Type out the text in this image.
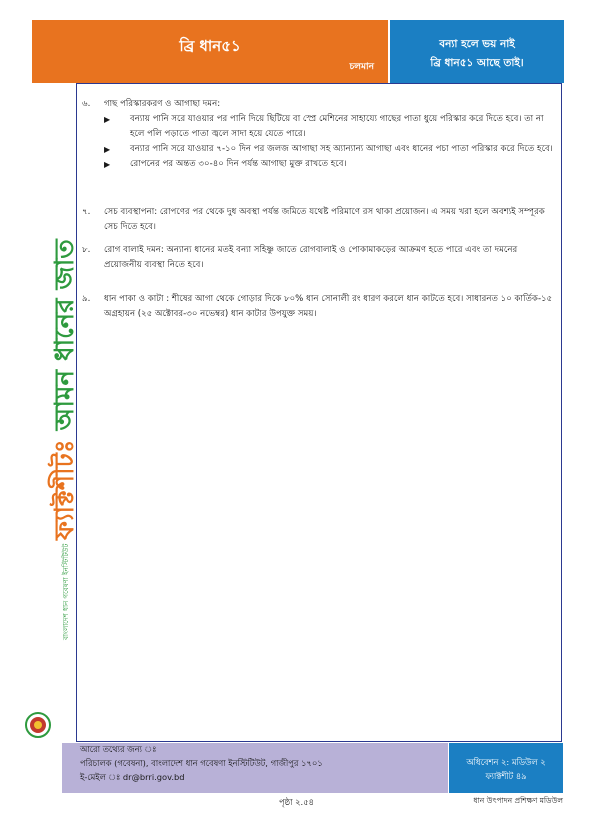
ব্রি ধান৫১
চলমান
বন্যা হলে ভয় নাই
ব্রি ধান৫১ আছে তাই।
ফ্যাক্টশীটঃ আমন ধানের জাত
বাংলাদেশ ধান গবেষণা ইনস্টিটিউট
৬. গাছ পরিস্কারকরণ ও আগাছা দমন:
▶ বন্যায় পানি সরে যাওয়ার পর পানি দিয়ে ছিটিয়ে বা স্প্রে মেশিনের সাহায্যে গাছের পাতা ধুয়ে পরিস্কার করে দিতে হবে। তা না হলে পলি পড়াতে পাতা জ্বলে সাদা হয়ে যেতে পারে।
▶ বন্যার পানি সরে যাওয়ার ৭-১০ দিন পর জলজ আগাছা সহ অ্যান্যান্য আগাছা এবং ধানের পচা পাতা পরিস্কার করে দিতে হবে।
▶ রোপনের পর অন্তত ৩০-৪০ দিন পর্যন্ত আগাছা মুক্ত রাখতে হবে।
৭. সেচ ব্যবস্থাপনা: রোপণের পর থেকে দুধ অবস্থা পর্যন্ত জমিতে যথেষ্ট পরিমাণে রস থাকা প্রয়োজন। এ সময় খরা হলে অবশ্যই সম্পূরক সেচ দিতে হবে।
৮. রোগ বালাই দমন: অন্যান্য ধানের মতই বন্যা সহিষ্ণু জাতে রোগবালাই ও পোকামাকড়ের আক্রমণ হতে পারে এবং তা দমনের প্রয়োজনীয় ব্যবস্থা নিতে হবে।
৯. ধান পাকা ও কাটা : শীষের আগা থেকে গোড়ার দিকে ৮০% ধান সোনালী রং ধারণ করলে ধান কাটতে হবে। সাধারনত ১০ কার্তিক-১৫ অগ্রহায়ন (২৫ অক্টোবর-৩০ নভেম্বর) ধান কাটার উপযুক্ত সময়।
আরো তথ্যের জন্য ঃ
পরিচালক (গবেষনা), বাংলাদেশ ধান গবেষণা ইনস্টিটিউট, গাজীপুর ১৭০১
ই-মেইল ঃ dr@brri.gov.bd
অধিবেশন ২: মডিউল ২
ফ্যাক্টশীট ৪৯
পৃষ্ঠা ২.৫৪	ধান উৎপাদন প্রশিক্ষণ মডিউল
